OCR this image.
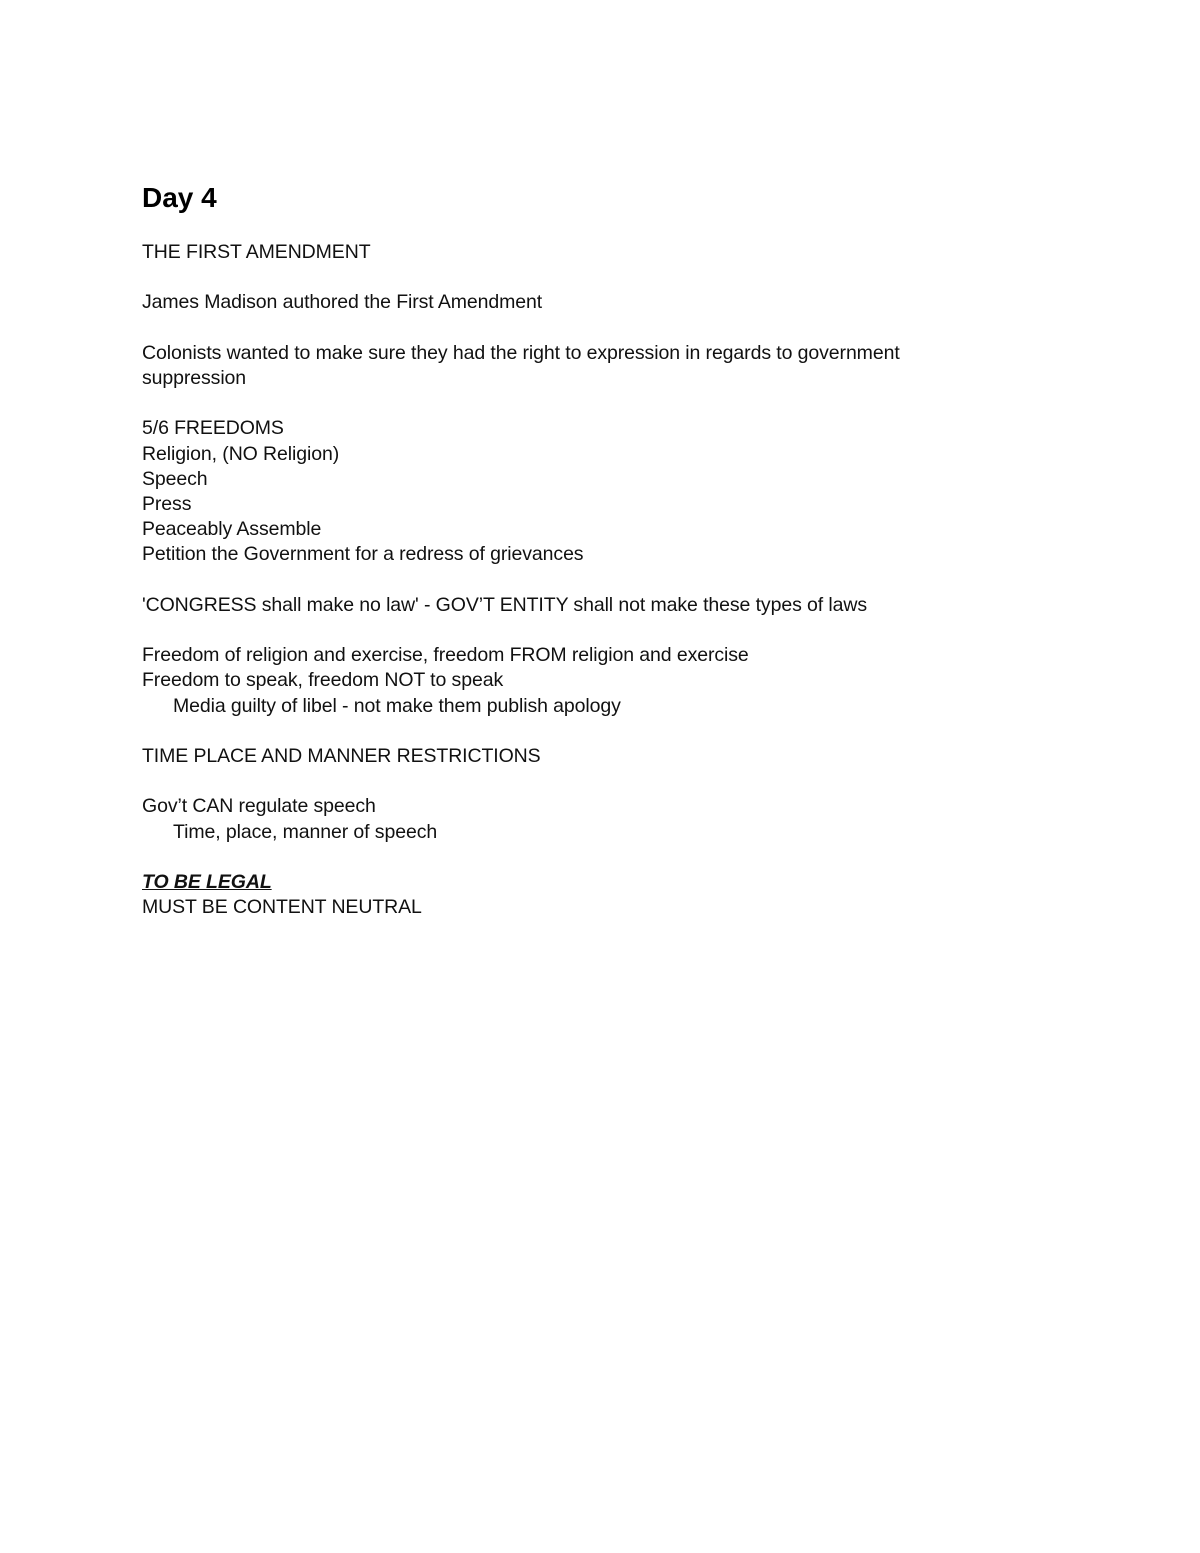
Day 4
THE FIRST AMENDMENT
James Madison authored the First Amendment
Colonists wanted to make sure they had the right to expression in regards to government
suppression
5/6 FREEDOMS
Religion, (NO Religion)
Speech
Press
Peaceably Assemble
Petition the Government for a redress of grievances
'CONGRESS shall make no law' - GOV’T ENTITY shall not make these types of laws
Freedom of religion and exercise, freedom FROM religion and exercise
Freedom to speak, freedom NOT to speak
Media guilty of libel - not make them publish apology
TIME PLACE AND MANNER RESTRICTIONS
Gov’t CAN regulate speech
Time, place, manner of speech
TO BE LEGAL
MUST BE CONTENT NEUTRAL
